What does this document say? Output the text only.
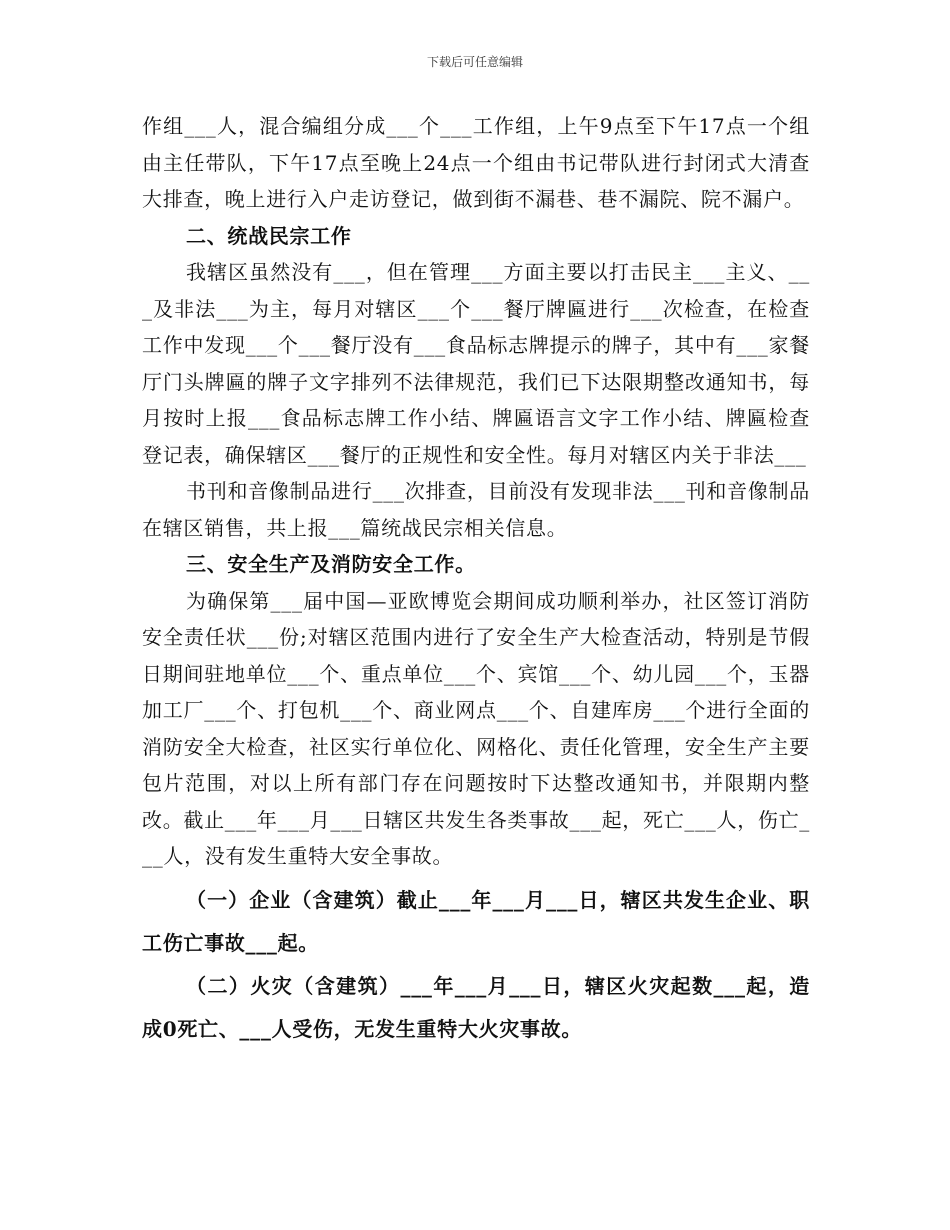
下载后可任意编辑

作组___人，混合编组分成___个___工作组，上午9点至下午17点一个组由主任带队，下午17点至晚上24点一个组由书记带队进行封闭式大清查大排查，晚上进行入户走访登记，做到街不漏巷、巷不漏院、院不漏户。

二、统战民宗工作

我辖区虽然没有___，但在管理___方面主要以打击民主___主义、___及非法___为主，每月对辖区___个___餐厅牌匾进行___次检查，在检查工作中发现___个___餐厅没有___食品标志牌提示的牌子，其中有___家餐厅门头牌匾的牌子文字排列不法律规范，我们已下达限期整改通知书，每月按时上报___食品标志牌工作小结、牌匾语言文字工作小结、牌匾检查登记表，确保辖区___餐厅的正规性和安全性。每月对辖区内关于非法___

书刊和音像制品进行___次排查，目前没有发现非法___刊和音像制品在辖区销售，共上报___篇统战民宗相关信息。

三、安全生产及消防安全工作。

为确保第___届中国—亚欧博览会期间成功顺利举办，社区签订消防安全责任状___份;对辖区范围内进行了安全生产大检查活动，特别是节假日期间驻地单位___个、重点单位___个、宾馆___个、幼儿园___个，玉器加工厂___个、打包机___个、商业网点___个、自建库房___个进行全面的消防安全大检查，社区实行单位化、网格化、责任化管理，安全生产主要包片范围，对以上所有部门存在问题按时下达整改通知书，并限期内整改。截止___年___月___日辖区共发生各类事故___起，死亡___人，伤亡___人，没有发生重特大安全事故。

（一）企业（含建筑）截止___年___月___日，辖区共发生企业、职工伤亡事故___起。

（二）火灾（含建筑）___年___月___日，辖区火灾起数___起，造成0死亡、___人受伤，无发生重特大火灾事故。
